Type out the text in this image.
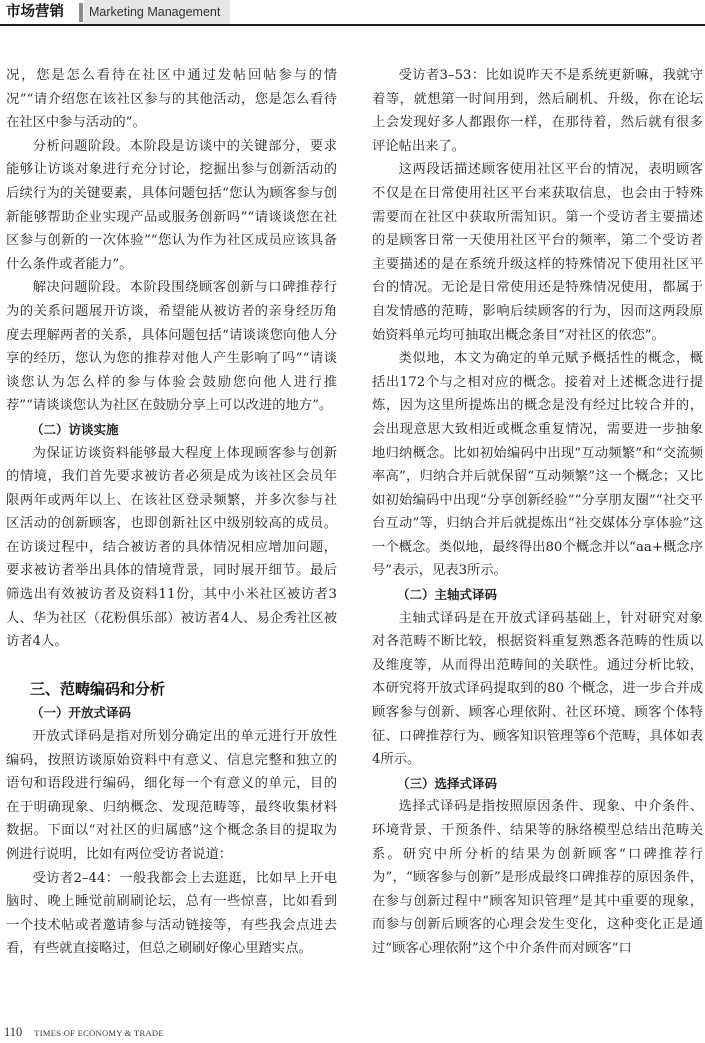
市场营销	Marketing Management

况，您是怎么看待在社区中通过发帖回帖参与的情况”“请介绍您在该社区参与的其他活动，您是怎么看待在社区中参与活动的”。

分析问题阶段。本阶段是访谈中的关键部分，要求能够让访谈对象进行充分讨论，挖掘出参与创新活动的后续行为的关键要素，具体问题包括“您认为顾客参与创新能够帮助企业实现产品或服务创新吗”“请谈谈您在社区参与创新的一次体验”“您认为作为社区成员应该具备什么条件或者能力”。

解决问题阶段。本阶段围绕顾客创新与口碑推荐行为的关系问题展开访谈，希望能从被访者的亲身经历角度去理解两者的关系，具体问题包括“请谈谈您向他人分享的经历，您认为您的推荐对他人产生影响了吗”“请谈谈您认为怎么样的参与体验会鼓励您向他人进行推荐”“请谈谈您认为社区在鼓励分享上可以改进的地方”。

（二）访谈实施

为保证访谈资料能够最大程度上体现顾客参与创新的情境，我们首先要求被访者必须是成为该社区会员年限两年或两年以上、在该社区登录频繁，并多次参与社区活动的创新顾客，也即创新社区中级别较高的成员。在访谈过程中，结合被访者的具体情况相应增加问题，要求被访者举出具体的情境背景，同时展开细节。最后筛选出有效被访者及资料11份，其中小米社区被访者3人、华为社区（花粉俱乐部）被访者4人、易企秀社区被访者4人。

三、范畴编码和分析
（一）开放式译码

开放式译码是指对所划分确定出的单元进行开放性编码，按照访谈原始资料中有意义、信息完整和独立的语句和语段进行编码，细化每一个有意义的单元，目的在于明确现象、归纳概念、发现范畴等，最终收集材料数据。下面以“对社区的归属感”这个概念条目的提取为例进行说明，比如有两位受访者说道：

受访者2–44：一般我都会上去逛逛，比如早上开电脑时、晚上睡觉前刷刷论坛，总有一些惊喜，比如看到一个技术帖或者邀请参与活动链接等，有些我会点进去看，有些就直接略过，但总之刷刷好像心里踏实点。

受访者3–53：比如说昨天不是系统更新嘛，我就守着等，就想第一时间用到，然后刷机、升级，你在论坛上会发现好多人都跟你一样，在那待着，然后就有很多评论帖出来了。

这两段话描述顾客使用社区平台的情况，表明顾客不仅是在日常使用社区平台来获取信息，也会由于特殊需要而在社区中获取所需知识。第一个受访者主要描述的是顾客日常一天使用社区平台的频率，第二个受访者主要描述的是在系统升级这样的特殊情况下使用社区平台的情况。无论是日常使用还是特殊情况使用，都属于自发情感的范畴，影响后续顾客的行为，因而这两段原始资料单元均可抽取出概念条目“对社区的依恋”。

类似地，本文为确定的单元赋予概括性的概念，概括出172个与之相对应的概念。接着对上述概念进行提炼，因为这里所提炼出的概念是没有经过比较合并的，会出现意思大致相近或概念重复情况，需要进一步抽象地归纳概念。比如初始编码中出现“互动频繁”和“交流频率高”，归纳合并后就保留“互动频繁”这一个概念；又比如初始编码中出现“分享创新经验”“分享朋友圈”“社交平台互动”等，归纳合并后就提炼出“社交媒体分享体验”这一个概念。类似地，最终得出80个概念并以“aa+概念序号”表示，见表3所示。

（二）主轴式译码

主轴式译码是在开放式译码基础上，针对研究对象对各范畴不断比较，根据资料重复熟悉各范畴的性质以及维度等，从而得出范畴间的关联性。通过分析比较，本研究将开放式译码提取到的80 个概念，进一步合并成顾客参与创新、顾客心理依附、社区环境、顾客个体特征、口碑推荐行为、顾客知识管理等6个范畴，具体如表4所示。

（三）选择式译码

选择式译码是指按照原因条件、现象、中介条件、环境背景、干预条件、结果等的脉络模型总结出范畴关系。研究中所分析的结果为创新顾客“口碑推荐行为”，“顾客参与创新”是形成最终口碑推荐的原因条件，在参与创新过程中“顾客知识管理”是其中重要的现象，而参与创新后顾客的心理会发生变化，这种变化正是通过“顾客心理依附”这个中介条件而对顾客“口

110 TIMES OF ECONOMY & TRADE
